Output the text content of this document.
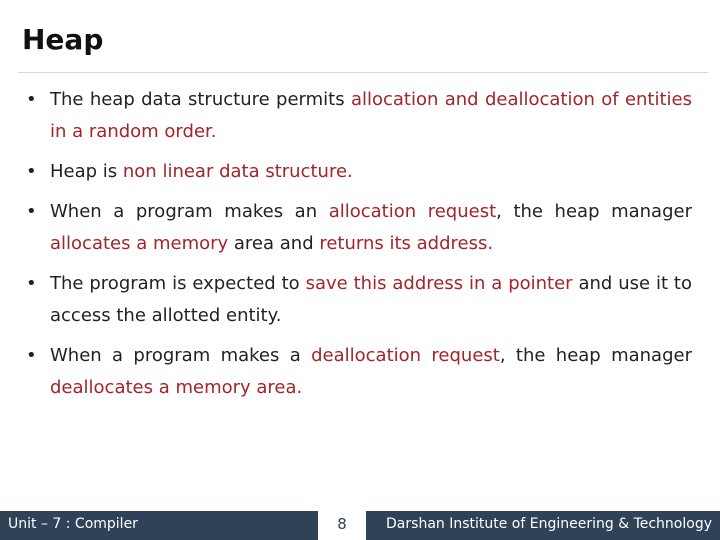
Heap
• The heap data structure permits allocation and deallocation of entities in a random order.
• Heap is non linear data structure.
• When a program makes an allocation request, the heap manager allocates a memory area and returns its address.
• The program is expected to save this address in a pointer and use it to access the allotted entity.
• When a program makes a deallocation request, the heap manager deallocates a memory area.
Unit – 7 : Compiler	8	Darshan Institute of Engineering & Technology
